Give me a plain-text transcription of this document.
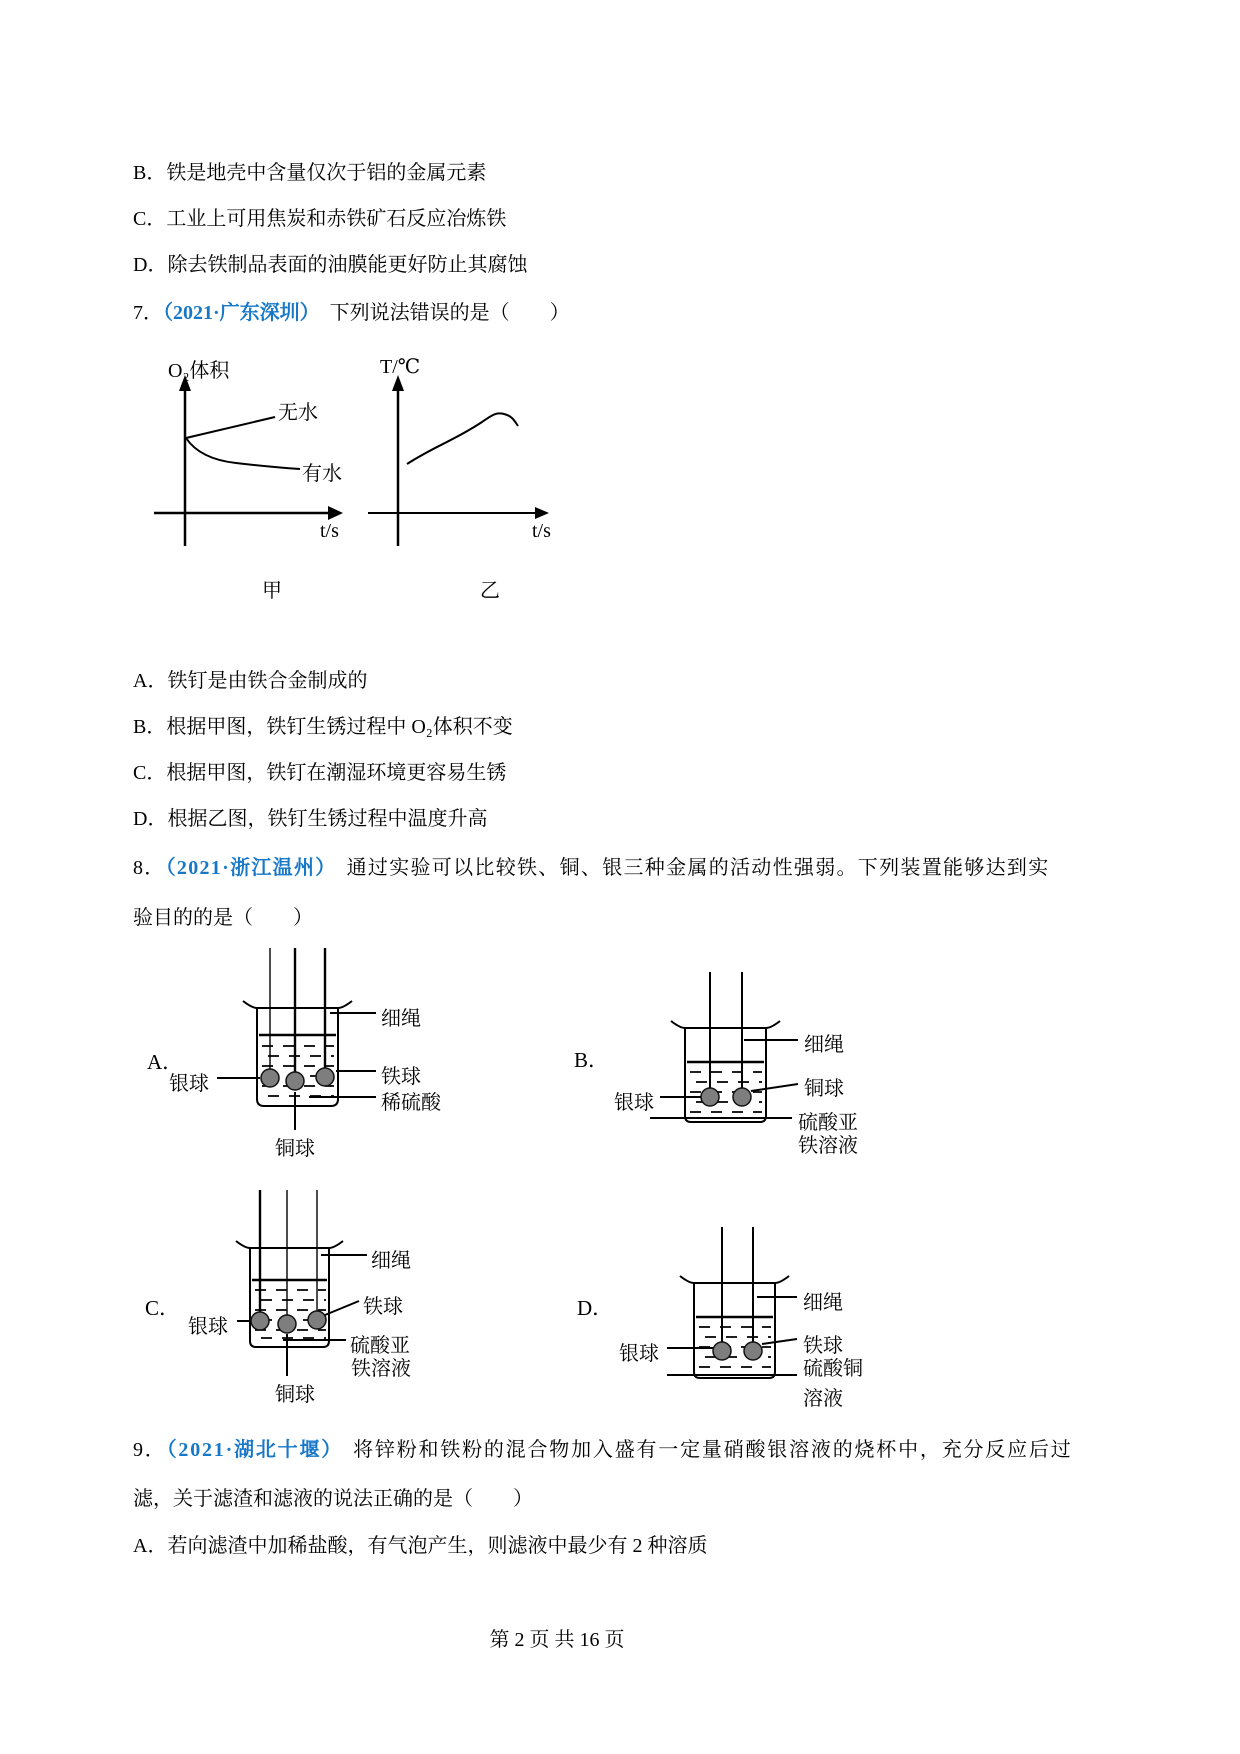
B．铁是地壳中含量仅次于铝的金属元素
C．工业上可用焦炭和赤铁矿石反应冶炼铁
D．除去铁制品表面的油膜能更好防止其腐蚀
7．（2021·广东深圳） 下列说法错误的是（　　）
O₂体积
无水
有水
t/s
甲
T/℃
t/s
乙
A．铁钉是由铁合金制成的
B．根据甲图，铁钉生锈过程中 O₂体积不变
C．根据甲图，铁钉在潮湿环境更容易生锈
D．根据乙图，铁钉生锈过程中温度升高
8．（2021·浙江温州） 通过实验可以比较铁、铜、银三种金属的活动性强弱。下列装置能够达到实
验目的的是（　　）
A．
银球
细绳
铁球
稀硫酸
铜球
B．
银球
细绳
铜球
硫酸亚
铁溶液
C．
银球
细绳
铁球
硫酸亚
铁溶液
铜球
D．
银球
细绳
铁球
硫酸铜
溶液
9．（2021·湖北十堰） 将锌粉和铁粉的混合物加入盛有一定量硝酸银溶液的烧杯中，充分反应后过
滤，关于滤渣和滤液的说法正确的是（　　）
A．若向滤渣中加稀盐酸，有气泡产生，则滤液中最少有 2 种溶质
第 2 页 共 16 页
